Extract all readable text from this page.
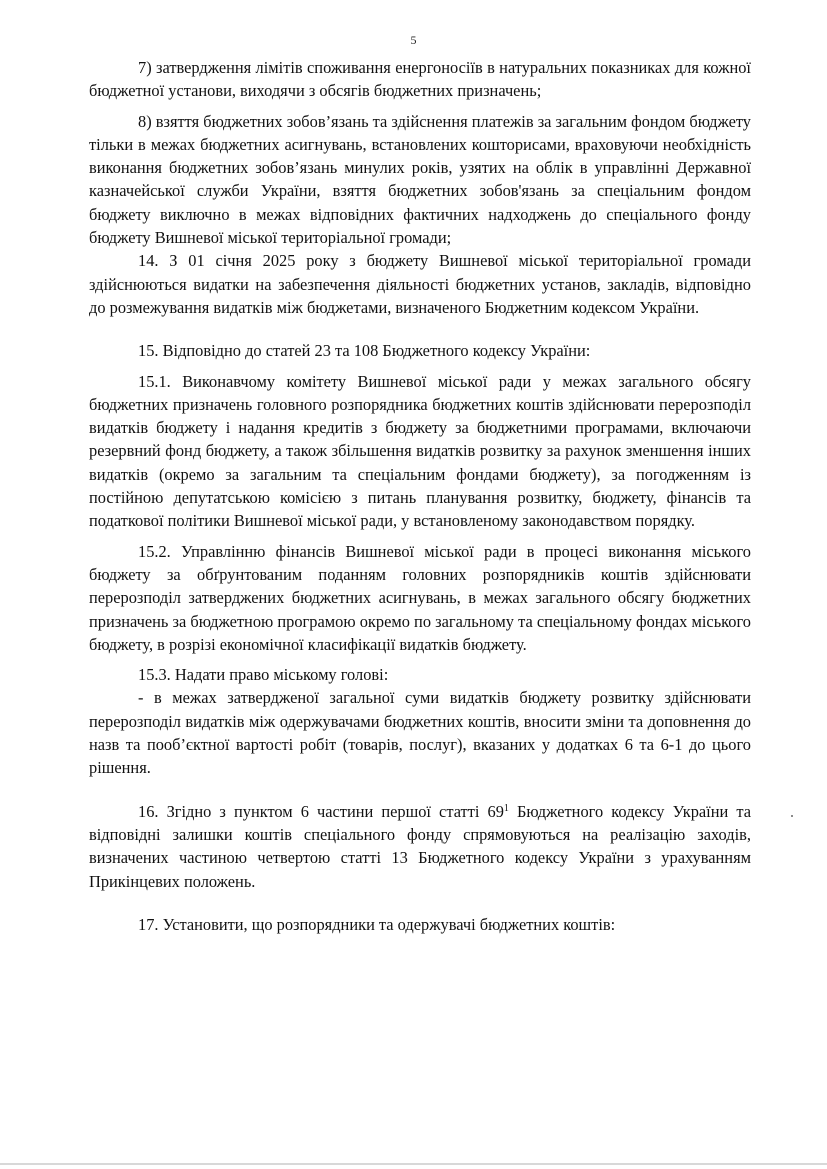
5

7) затвердження лімітів споживання енергоносіїв в натуральних показниках для кожної бюджетної установи, виходячи з обсягів бюджетних призначень;

8) взяття бюджетних зобов’язань та здійснення платежів за загальним фондом бюджету тільки в межах бюджетних асигнувань, встановлених кошторисами, враховуючи необхідність виконання бюджетних зобов’язань минулих років, узятих на облік в управлінні Державної казначейської служби України, взяття бюджетних зобов'язань за спеціальним фондом бюджету виключно в межах відповідних фактичних надходжень до спеціального фонду бюджету Вишневої міської територіальної громади;

14. З 01 січня 2025 року з бюджету Вишневої міської територіальної громади здійснюються видатки на забезпечення діяльності бюджетних установ, закладів, відповідно до розмежування видатків між бюджетами, визначеного Бюджетним кодексом України.

15. Відповідно до статей 23 та 108 Бюджетного кодексу України:

15.1. Виконавчому комітету Вишневої міської ради у межах загального обсягу бюджетних призначень головного розпорядника бюджетних коштів здійснювати перерозподіл видатків бюджету і надання кредитів з бюджету за бюджетними програмами, включаючи резервний фонд бюджету, а також збільшення видатків розвитку за рахунок зменшення інших видатків (окремо за загальним та спеціальним фондами бюджету), за погодженням із постійною депутатською комісією з питань планування розвитку, бюджету, фінансів та податкової політики Вишневої міської ради, у встановленому законодавством порядку.

15.2. Управлінню фінансів Вишневої міської ради в процесі виконання міського бюджету за обґрунтованим поданням головних розпорядників коштів здійснювати перерозподіл затверджених бюджетних асигнувань, в межах загального обсягу бюджетних призначень за бюджетною програмою окремо по загальному та спеціальному фондах міського бюджету, в розрізі економічної класифікації видатків бюджету.

15.3. Надати право міському голові:

- в межах затвердженої загальної суми видатків бюджету розвитку здійснювати перерозподіл видатків між одержувачами бюджетних коштів, вносити зміни та доповнення до назв та пооб’єктної вартості робіт (товарів, послуг), вказаних у додатках 6 та 6-1 до цього рішення.

16. Згідно з пунктом 6 частини першої статті $69^1$ Бюджетного кодексу України та відповідні залишки коштів спеціального фонду спрямовуються на реалізацію заходів, визначених частиною четвертою статті 13 Бюджетного кодексу України з урахуванням Прикінцевих положень.

17. Установити, що розпорядники та одержувачі бюджетних коштів:
